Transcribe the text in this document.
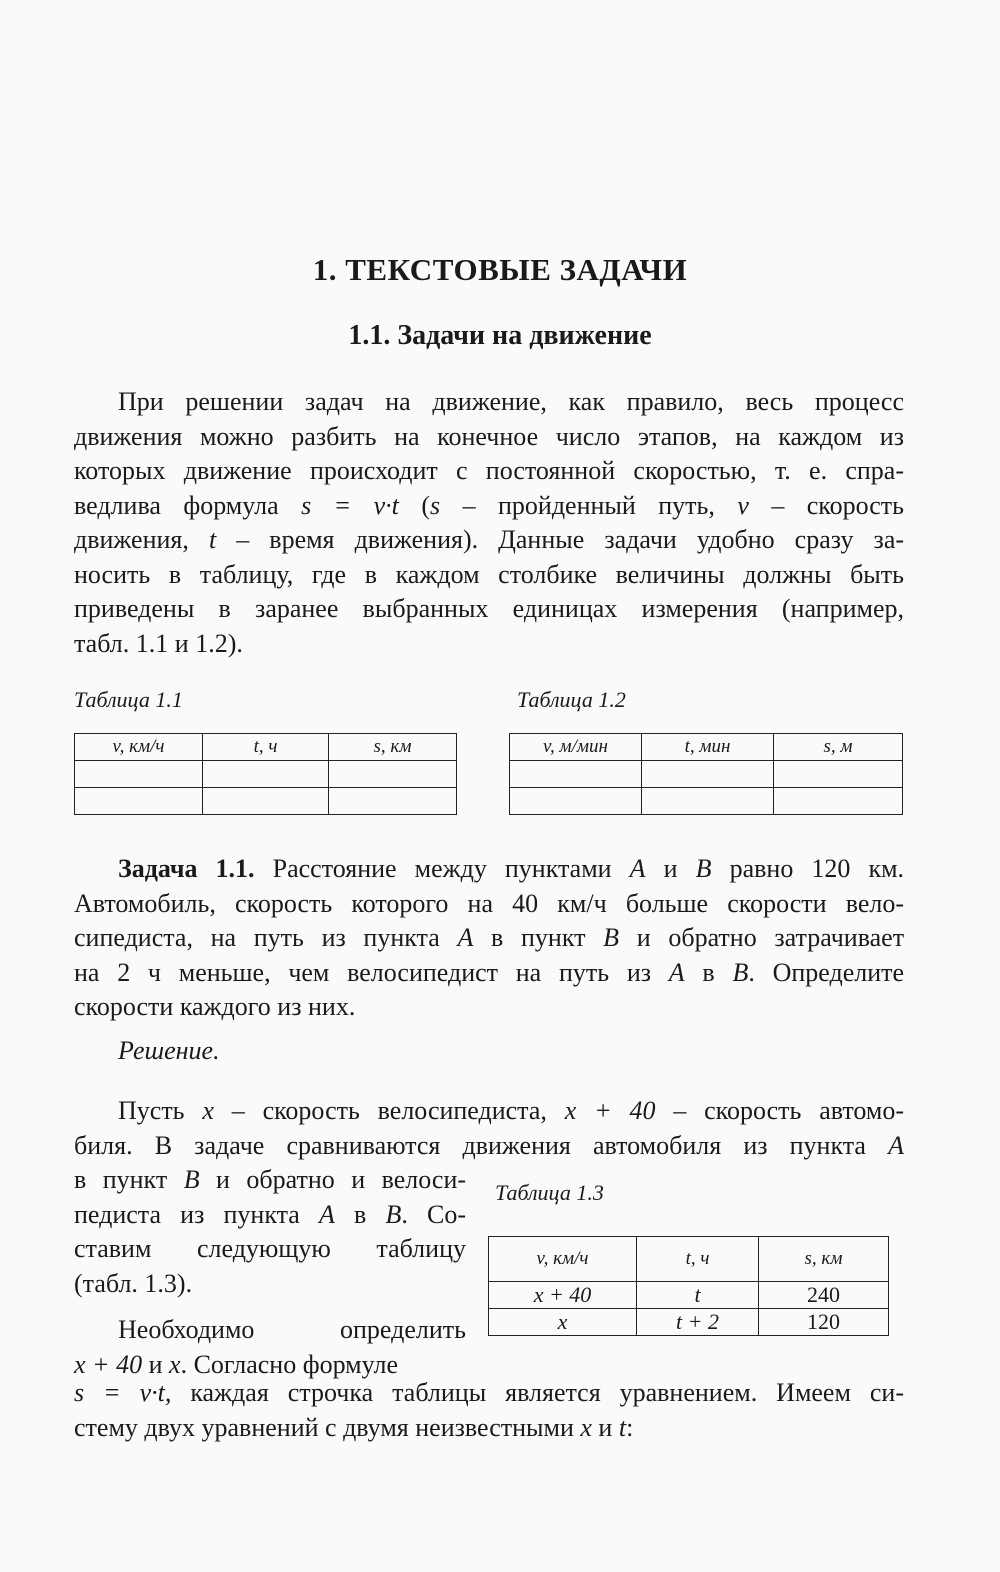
1. ТЕКСТОВЫЕ ЗАДАЧИ
1.1. Задачи на движение
При решении задач на движение, как правило, весь процесс
движения можно разбить на конечное число этапов, на каждом из
которых движение происходит с постоянной скоростью, т. е. спра-
ведлива формула s = v·t (s – пройденный путь, v – скорость
движения, t – время движения). Данные задачи удобно сразу за-
носить в таблицу, где в каждом столбике величины должны быть
приведены в заранее выбранных единицах измерения (например,
табл. 1.1 и 1.2).
Таблица 1.1
v, км/ч	t, ч	s, км

Таблица 1.2
v, м/мин	t, мин	s, м

Задача 1.1. Расстояние между пунктами A и B равно 120 км.
Автомобиль, скорость которого на 40 км/ч больше скорости вело-
сипедиста, на путь из пункта A в пункт B и обратно затрачивает
на 2 ч меньше, чем велосипедист на путь из A в B. Определите
скорости каждого из них.
Решение.
Пусть x – скорость велосипедиста, x + 40 – скорость автомо-
биля. В задаче сравниваются движения автомобиля из пункта A
в пункт B и обратно и велоси-
педиста из пункта A в B. Со-
ставим следующую таблицу
(табл. 1.3).
Необходимо определить
x + 40 и x. Согласно формуле
Таблица 1.3
v, км/ч	t, ч	s, км
x + 40	t	240
x	t + 2	120
s = v·t, каждая строчка таблицы является уравнением. Имеем си-
стему двух уравнений с двумя неизвестными x и t:
